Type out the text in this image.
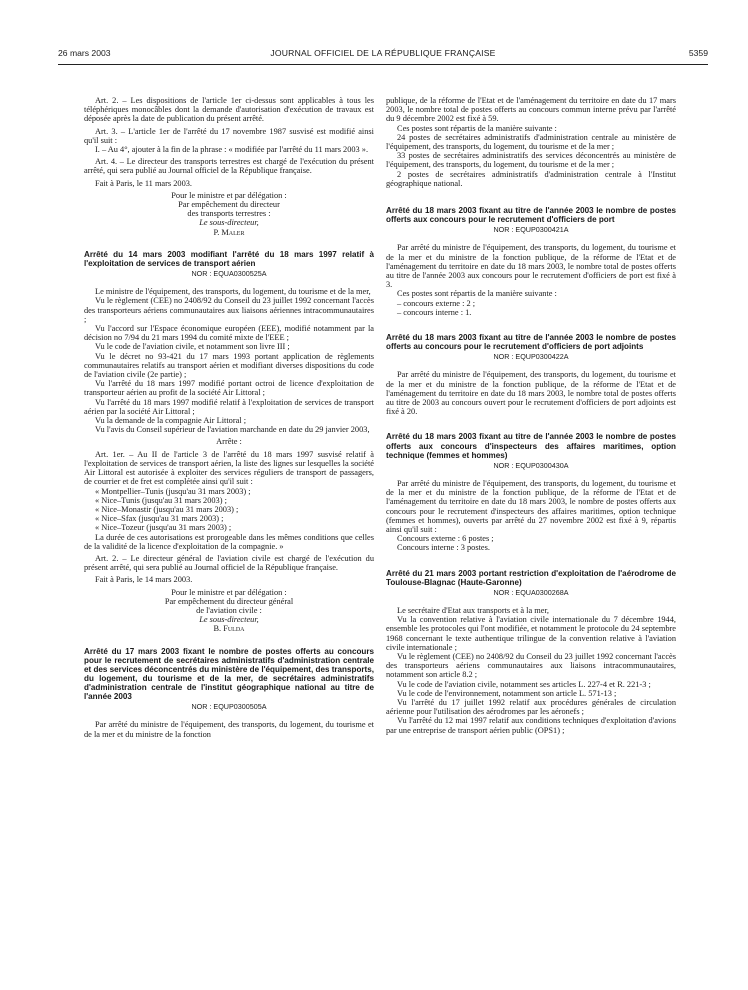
26 mars 2003	JOURNAL OFFICIEL DE LA RÉPUBLIQUE FRANÇAISE	5359

Art. 2. – Les dispositions de l'article 1er ci-dessus sont applicables à tous les téléphériques monocâbles dont la demande d'autorisation d'exécution de travaux est déposée après la date de publication du présent arrêté.

Art. 3. – L'article 1er de l'arrêté du 17 novembre 1987 susvisé est modifié ainsi qu'il suit :

I. – Au 4°, ajouter à la fin de la phrase : « modifiée par l'arrêté du 11 mars 2003 ».

Art. 4. – Le directeur des transports terrestres est chargé de l'exécution du présent arrêté, qui sera publié au Journal officiel de la République française.

Fait à Paris, le 11 mars 2003.

Pour le ministre et par délégation :

Par empêchement du directeur

des transports terrestres :

Le sous-directeur,

P. Maler

Arrêté du 14 mars 2003 modifiant l'arrêté du 18 mars 1997 relatif à l'exploitation de services de transport aérien

NOR : EQUA0300525A

Le ministre de l'équipement, des transports, du logement, du tourisme et de la mer,

Vu le règlement (CEE) no 2408/92 du Conseil du 23 juillet 1992 concernant l'accès des transporteurs aériens communautaires aux liaisons aériennes intracommunautaires ;

Vu l'accord sur l'Espace économique européen (EEE), modifié notamment par la décision no 7/94 du 21 mars 1994 du comité mixte de l'EEE ;

Vu le code de l'aviation civile, et notamment son livre III ;

Vu le décret no 93-421 du 17 mars 1993 portant application de règlements communautaires relatifs au transport aérien et modifiant diverses dispositions du code de l'aviation civile (2e partie) ;

Vu l'arrêté du 18 mars 1997 modifié portant octroi de licence d'exploitation de transporteur aérien au profit de la société Air Littoral ;

Vu l'arrêté du 18 mars 1997 modifié relatif à l'exploitation de services de transport aérien par la société Air Littoral ;

Vu la demande de la compagnie Air Littoral ;

Vu l'avis du Conseil supérieur de l'aviation marchande en date du 29 janvier 2003,

Arrête :

Art. 1er. – Au II de l'article 3 de l'arrêté du 18 mars 1997 susvisé relatif à l'exploitation de services de transport aérien, la liste des lignes sur lesquelles la société Air Littoral est autorisée à exploiter des services réguliers de transport de passagers, de courrier et de fret est complétée ainsi qu'il suit :

« Montpellier–Tunis (jusqu'au 31 mars 2003) ;

« Nice–Tunis (jusqu'au 31 mars 2003) ;

« Nice–Monastir (jusqu'au 31 mars 2003) ;

« Nice–Sfax (jusqu'au 31 mars 2003) ;

« Nice–Tozeur (jusqu'au 31 mars 2003) ;

La durée de ces autorisations est prorogeable dans les mêmes conditions que celles de la validité de la licence d'exploitation de la compagnie. »

Art. 2. – Le directeur général de l'aviation civile est chargé de l'exécution du présent arrêté, qui sera publié au Journal officiel de la République française.

Fait à Paris, le 14 mars 2003.

Pour le ministre et par délégation :

Par empêchement du directeur général

de l'aviation civile :

Le sous-directeur,

B. Fulda

Arrêté du 17 mars 2003 fixant le nombre de postes offerts au concours pour le recrutement de secrétaires administratifs d'administration centrale et des services déconcentrés du ministère de l'équipement, des transports, du logement, du tourisme et de la mer, de secrétaires administratifs d'administration centrale de l'institut géographique national au titre de l'année 2003

NOR : EQUP0300505A

Par arrêté du ministre de l'équipement, des transports, du logement, du tourisme et de la mer et du ministre de la fonction

publique, de la réforme de l'Etat et de l'aménagement du territoire en date du 17 mars 2003, le nombre total de postes offerts au concours commun interne prévu par l'arrêté du 9 décembre 2002 est fixé à 59.

Ces postes sont répartis de la manière suivante :

24 postes de secrétaires administratifs d'administration centrale au ministère de l'équipement, des transports, du logement, du tourisme et de la mer ;

33 postes de secrétaires administratifs des services déconcentrés au ministère de l'équipement, des transports, du logement, du tourisme et de la mer ;

2 postes de secrétaires administratifs d'administration centrale à l'Institut géographique national.

Arrêté du 18 mars 2003 fixant au titre de l'année 2003 le nombre de postes offerts aux concours pour le recrutement d'officiers de port

NOR : EQUP0300421A

Par arrêté du ministre de l'équipement, des transports, du logement, du tourisme et de la mer et du ministre de la fonction publique, de la réforme de l'Etat et de l'aménagement du territoire en date du 18 mars 2003, le nombre total de postes offerts au titre de l'année 2003 aux concours pour le recrutement d'officiers de port est fixé à 3.

Ces postes sont répartis de la manière suivante :

– concours externe : 2 ;

– concours interne : 1.

Arrêté du 18 mars 2003 fixant au titre de l'année 2003 le nombre de postes offerts au concours pour le recrutement d'officiers de port adjoints

NOR : EQUP0300422A

Par arrêté du ministre de l'équipement, des transports, du logement, du tourisme et de la mer et du ministre de la fonction publique, de la réforme de l'Etat et de l'aménagement du territoire en date du 18 mars 2003, le nombre total de postes offerts au titre de 2003 au concours ouvert pour le recrutement d'officiers de port adjoints est fixé à 20.

Arrêté du 18 mars 2003 fixant au titre de l'année 2003 le nombre de postes offerts aux concours d'inspecteurs des affaires maritimes, option technique (femmes et hommes)

NOR : EQUP0300430A

Par arrêté du ministre de l'équipement, des transports, du logement, du tourisme et de la mer et du ministre de la fonction publique, de la réforme de l'Etat et de l'aménagement du territoire en date du 18 mars 2003, le nombre de postes offerts aux concours pour le recrutement d'inspecteurs des affaires maritimes, option technique (femmes et hommes), ouverts par arrêté du 27 novembre 2002 est fixé à 9, répartis ainsi qu'il suit :

Concours externe : 6 postes ;

Concours interne : 3 postes.

Arrêté du 21 mars 2003 portant restriction d'exploitation de l'aérodrome de Toulouse-Blagnac (Haute-Garonne)

NOR : EQUA0300268A

Le secrétaire d'Etat aux transports et à la mer,

Vu la convention relative à l'aviation civile internationale du 7 décembre 1944, ensemble les protocoles qui l'ont modifiée, et notamment le protocole du 24 septembre 1968 concernant le texte authentique trilingue de la convention relative à l'aviation civile internationale ;

Vu le règlement (CEE) no 2408/92 du Conseil du 23 juillet 1992 concernant l'accès des transporteurs aériens communautaires aux liaisons intracommunautaires, notamment son article 8.2 ;

Vu le code de l'aviation civile, notamment ses articles L. 227-4 et R. 221-3 ;

Vu le code de l'environnement, notamment son article L. 571-13 ;

Vu l'arrêté du 17 juillet 1992 relatif aux procédures générales de circulation aérienne pour l'utilisation des aérodromes par les aéronefs ;

Vu l'arrêté du 12 mai 1997 relatif aux conditions techniques d'exploitation d'avions par une entreprise de transport aérien public (OPS1) ;
